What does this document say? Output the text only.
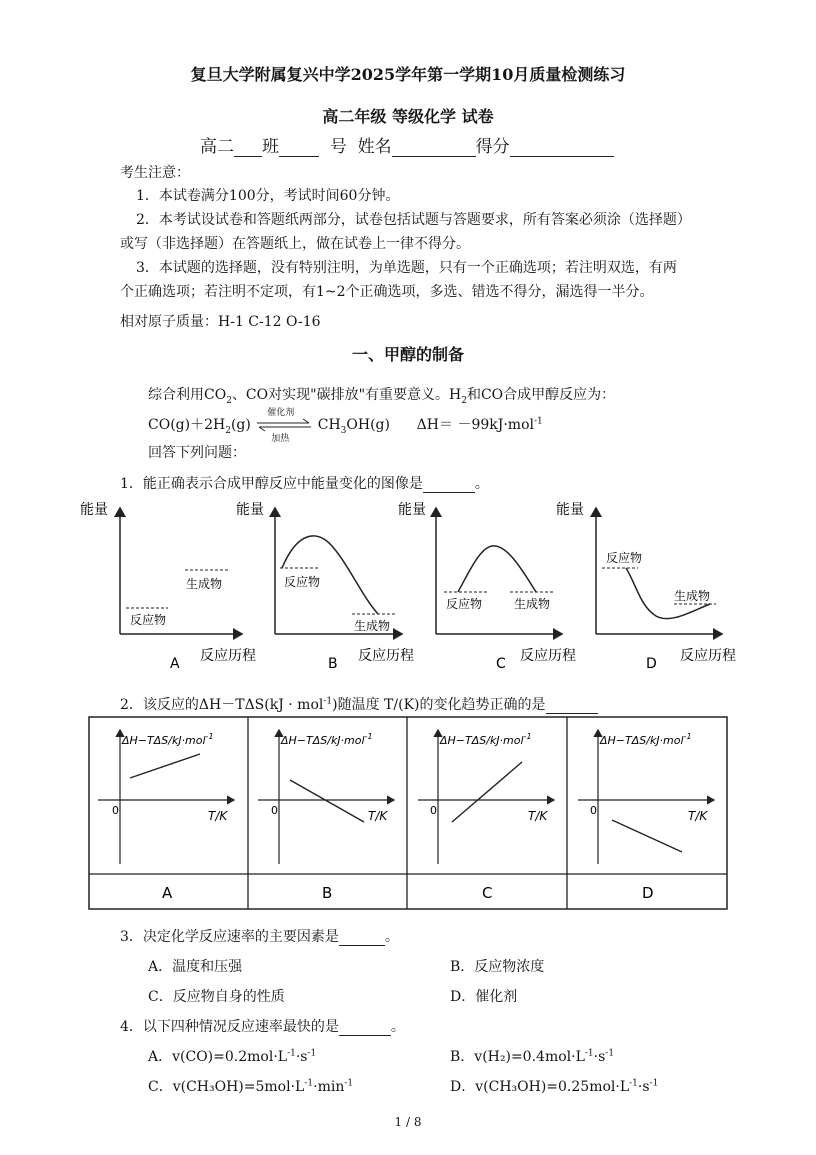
复旦大学附属复兴中学2025学年第一学期10月质量检测练习
高二年级 等级化学 试卷
高二 班	号 姓名	得分
考生注意：
1．本试卷满分100分，考试时间60分钟。
2．本考试设试卷和答题纸两部分，试卷包括试题与答题要求，所有答案必须涂（选择题）
或写（非选择题）在答题纸上，做在试卷上一律不得分。
3．本试题的选择题，没有特别注明，为单选题，只有一个正确选项；若注明双选，有两
个正确选项；若注明不定项，有1~2个正确选项，多选、错选不得分，漏选得一半分。
相对原子质量：H-1 C-12 O-16
一、甲醇的制备
综合利用$CO_2$、CO对实现"碳排放"有重要意义。$H_2$和CO合成甲醇反应为：
$CO(g)+2H_2(g)$
催化剂
加热
$CH_3OH(g)$ ΔH＝ －99kJ·mol$^{-1}$
回答下列问题：
1．能正确表示合成甲醇反应中能量变化的图像是	。
能量
生成物
反应物
A 反应历程
能量
反应物
生成物
B 反应历程
能量
反应物	生成物
C 反应历程
能量
反应物
生成物
D 反应历程
2．该反应的ΔH－TΔS(kJ · mol$^{-1}$)随温度 T/(K)的变化趋势正确的是
ΔH−TΔS/kJ·mol$^{-1}$
0	T/K
A
ΔH−TΔS/kJ·mol$^{-1}$
0	T/K
B
ΔH−TΔS/kJ·mol$^{-1}$
0	T/K
C
ΔH−TΔS/kJ·mol$^{-1}$
0	T/K
D
3．决定化学反应速率的主要因素是	。
A．温度和压强	B．反应物浓度
C．反应物自身的性质	D．催化剂
4．以下四种情况反应速率最快的是	。
A．$v(CO)=0.2mol\cdot L^{-1}\cdot s^{-1}$	B．$v(H_2)=0.4mol\cdot L^{-1}\cdot s^{-1}$
C．$v(CH_3OH)=5mol\cdot L^{-1}\cdot\min^{-1}$	D．$v(CH_3OH)=0.25mol\cdot L^{-1}\cdot s^{-1}$
1 / 8
